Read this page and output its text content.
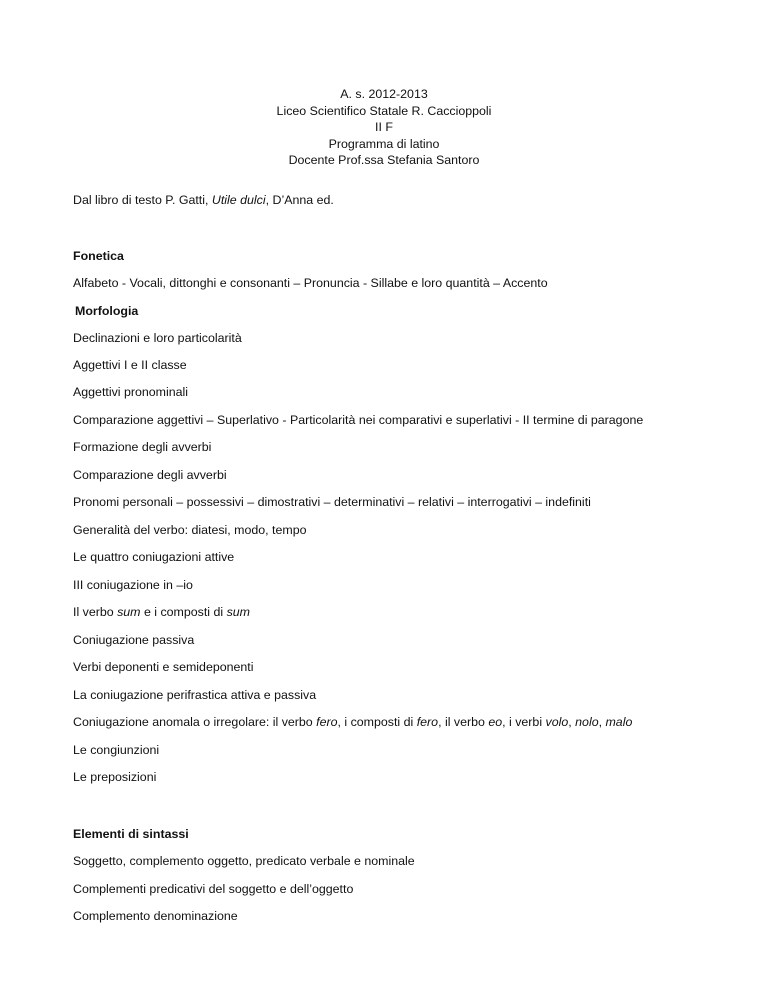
A. s. 2012-2013
Liceo Scientifico Statale R. Caccioppoli
II F
Programma di latino
Docente Prof.ssa Stefania Santoro
Dal libro di testo P. Gatti, Utile dulci, D’Anna ed.
Fonetica
Alfabeto - Vocali, dittonghi e consonanti – Pronuncia - Sillabe e loro quantità – Accento
Morfologia
Declinazioni e loro particolarità
Aggettivi I e II classe
Aggettivi pronominali
Comparazione aggettivi – Superlativo - Particolarità nei comparativi e superlativi - II termine di paragone
Formazione degli avverbi
Comparazione degli avverbi
Pronomi personali – possessivi – dimostrativi – determinativi – relativi – interrogativi – indefiniti
Generalità del verbo: diatesi, modo, tempo
Le quattro coniugazioni attive
III coniugazione in –io
Il verbo sum e i composti di sum
Coniugazione passiva
Verbi deponenti e semideponenti
La coniugazione perifrastica attiva e passiva
Coniugazione anomala o irregolare: il verbo fero, i composti di fero, il verbo eo, i verbi volo, nolo, malo
Le congiunzioni
Le preposizioni
Elementi di sintassi
Soggetto, complemento oggetto, predicato verbale e nominale
Complementi predicativi del soggetto e dell’oggetto
Complemento denominazione
